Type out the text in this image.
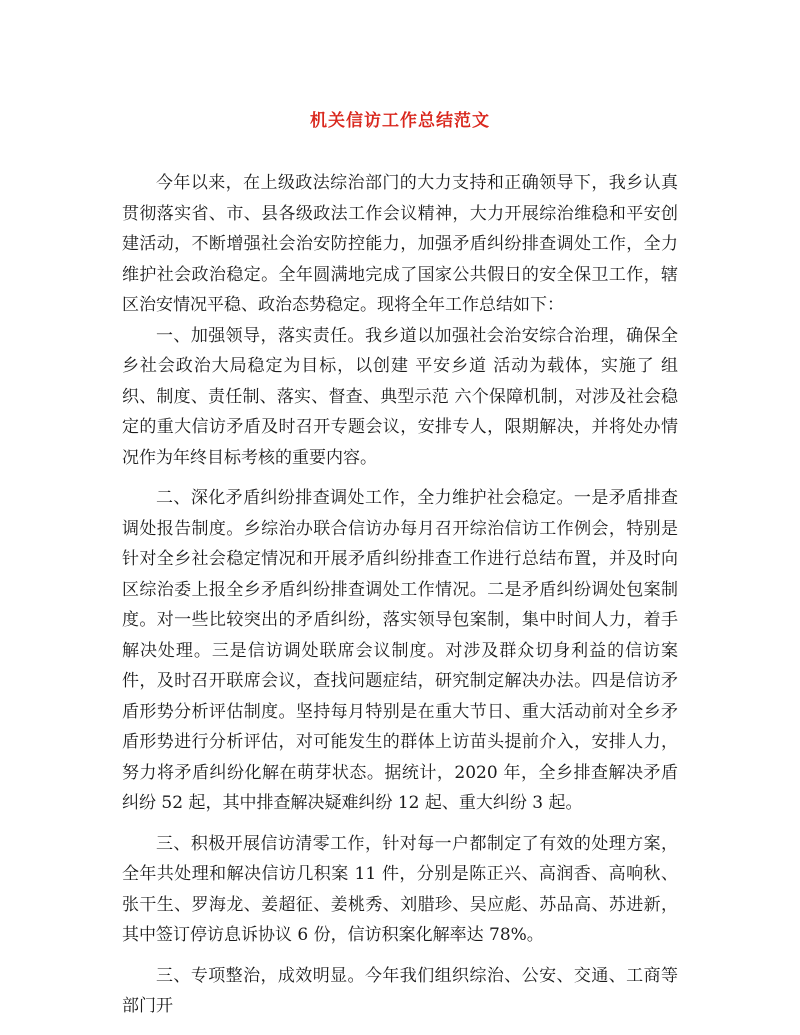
机关信访工作总结范文

今年以来，在上级政法综治部门的大力支持和正确领导下，我乡认真贯彻落实省、市、县各级政法工作会议精神，大力开展综治维稳和平安创建活动，不断增强社会治安防控能力，加强矛盾纠纷排查调处工作，全力维护社会政治稳定。全年圆满地完成了国家公共假日的安全保卫工作，辖区治安情况平稳、政治态势稳定。现将全年工作总结如下：

一、加强领导，落实责任。我乡道以加强社会治安综合治理，确保全乡社会政治大局稳定为目标，以创建 平安乡道 活动为载体，实施了 组织、制度、责任制、落实、督查、典型示范 六个保障机制，对涉及社会稳定的重大信访矛盾及时召开专题会议，安排专人，限期解决，并将处办情况作为年终目标考核的重要内容。

二、深化矛盾纠纷排查调处工作，全力维护社会稳定。一是矛盾排查调处报告制度。乡综治办联合信访办每月召开综治信访工作例会，特别是针对全乡社会稳定情况和开展矛盾纠纷排查工作进行总结布置，并及时向区综治委上报全乡矛盾纠纷排查调处工作情况。二是矛盾纠纷调处包案制度。对一些比较突出的矛盾纠纷，落实领导包案制，集中时间人力，着手解决处理。三是信访调处联席会议制度。对涉及群众切身利益的信访案件，及时召开联席会议，查找问题症结，研究制定解决办法。四是信访矛盾形势分析评估制度。坚持每月特别是在重大节日、重大活动前对全乡矛盾形势进行分析评估，对可能发生的群体上访苗头提前介入，安排人力，努力将矛盾纠纷化解在萌芽状态。据统计，2020 年，全乡排查解决矛盾纠纷 52 起，其中排查解决疑难纠纷 12 起、重大纠纷 3 起。

三、积极开展信访清零工作，针对每一户都制定了有效的处理方案，全年共处理和解决信访几积案 11 件，分别是陈正兴、高润香、高响秋、张干生、罗海龙、姜超征、姜桃秀、刘腊珍、吴应彪、苏品高、苏进新，其中签订停访息诉协议 6 份，信访积案化解率达 78%。

三、专项整治，成效明显。今年我们组织综治、公安、交通、工商等部门开
